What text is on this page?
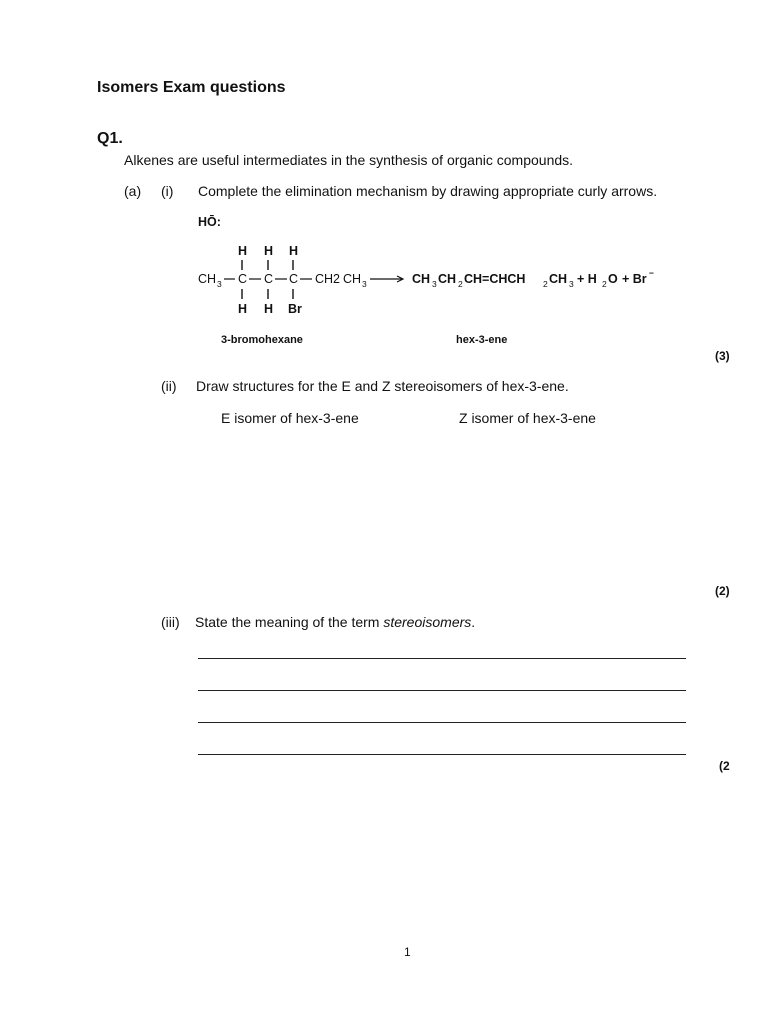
Isomers Exam questions
Q1.
Alkenes are useful intermediates in the synthesis of organic compounds.
(a) (i) Complete the elimination mechanism by drawing appropriate curly arrows.
HŌ:
H H H
CH 3 C C C CH2 CH 3	CH 3 CH 2 CH=CHCH 2 CH 3 + H 2 O + Br −
H H Br
3-bromohexane	hex-3-ene
(3)
(ii) Draw structures for the E and Z stereoisomers of hex-3-ene.
E isomer of hex-3-ene	Z isomer of hex-3-ene
(2)
(iii) State the meaning of the term stereoisomers.
(2
1
